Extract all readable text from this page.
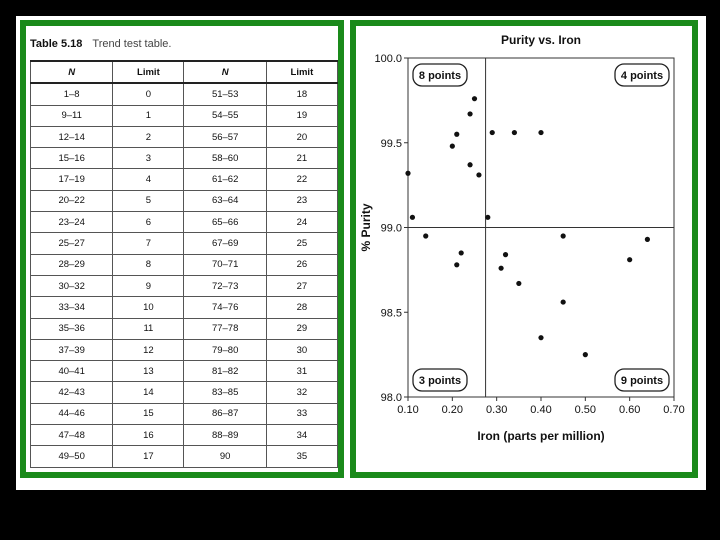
Table 5.18 Trend test table.
N	Limit	N	Limit
1–8	0	51–53	18
9–11	1	54–55	19
12–14	2	56–57	20
15–16	3	58–60	21
17–19	4	61–62	22
20–22	5	63–64	23
23–24	6	65–66	24
25–27	7	67–69	25
28–29	8	70–71	26
30–32	9	72–73	27
33–34	10	74–76	28
35–36	11	77–78	29
37–39	12	79–80	30
40–41	13	81–82	31
42–43	14	83–85	32
44–46	15	86–87	33
47–48	16	88–89	34
49–50	17	90	35
Purity vs. Iron
0.10 0.20 0.30 0.40 0.50 0.60 0.70
98.0
98.5
99.0
99.5
100.0
Iron (parts per million)
% Purity
8 points	4 points
3 points	9 points
